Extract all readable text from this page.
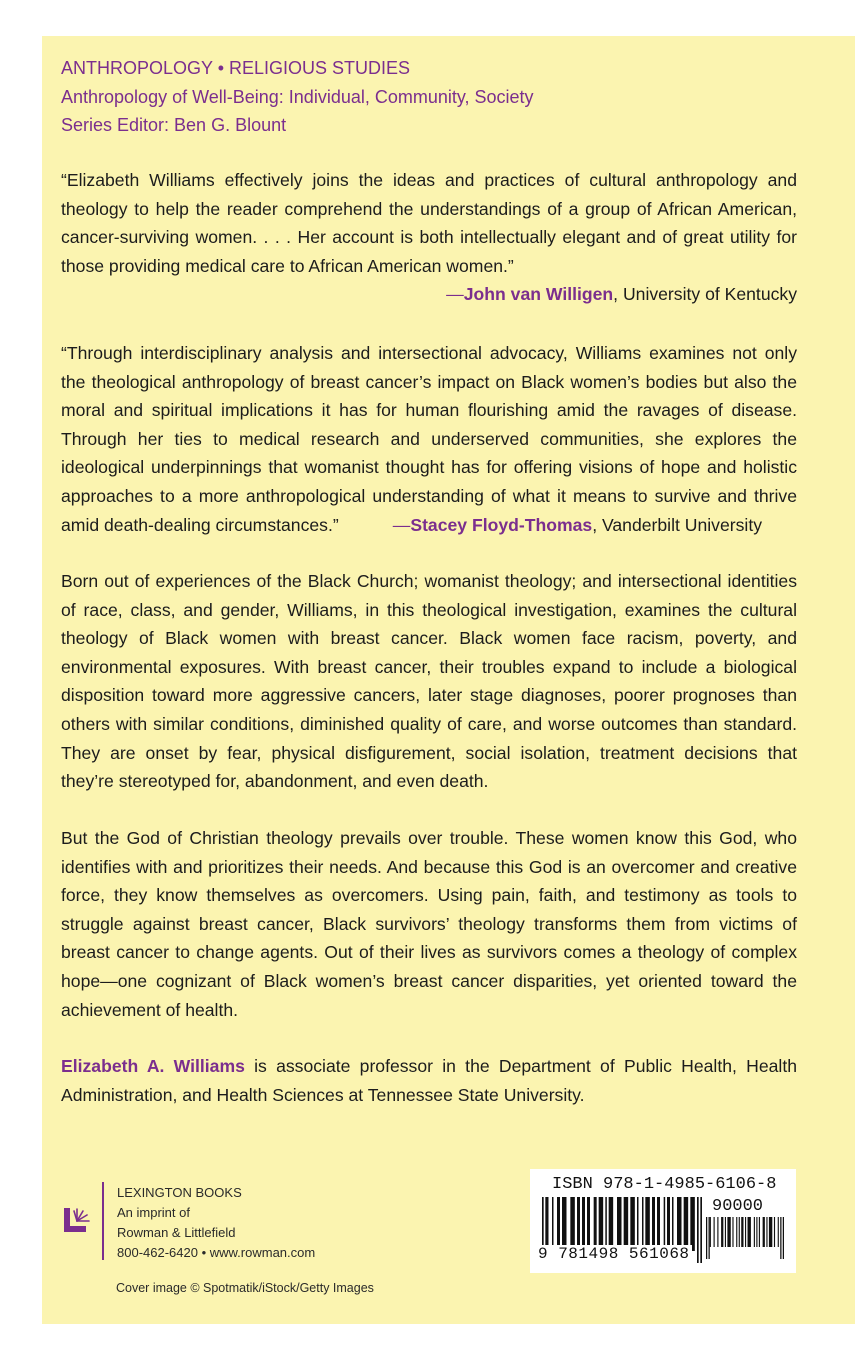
ANTHROPOLOGY • RELIGIOUS STUDIES
Anthropology of Well-Being: Individual, Community, Society
Series Editor: Ben G. Blount

“Elizabeth Williams effectively joins the ideas and practices of cultural anthropology and theology to help the reader comprehend the understandings of a group of African American, cancer-surviving women. . . . Her account is both intellectually elegant and of great utility for those providing medical care to African American women.”

—John van Willigen, University of Kentucky

“Through interdisciplinary analysis and intersectional advocacy, Williams examines not only the theological anthropology of breast cancer’s impact on Black women’s bodies but also the moral and spiritual implications it has for human flourishing amid the ravages of disease. Through her ties to medical research and underserved communities, she explores the ideological underpinnings that womanist thought has for offering visions of hope and holistic approaches to a more anthropological understanding of what it means to survive and thrive amid death-dealing circumstances.”	—Stacey Floyd-Thomas, Vanderbilt University

Born out of experiences of the Black Church; womanist theology; and intersectional identities of race, class, and gender, Williams, in this theological investigation, examines the cultural theology of Black women with breast cancer. Black women face racism, poverty, and environmental exposures. With breast cancer, their troubles expand to include a biological disposition toward more aggressive cancers, later stage diagnoses, poorer prognoses than others with similar conditions, diminished quality of care, and worse outcomes than standard. They are onset by fear, physical disfigurement, social isolation, treatment decisions that they’re stereotyped for, abandonment, and even death.

But the God of Christian theology prevails over trouble. These women know this God, who identifies with and prioritizes their needs. And because this God is an overcomer and creative force, they know themselves as overcomers. Using pain, faith, and testimony as tools to struggle against breast cancer, Black survivors’ theology transforms them from victims of breast cancer to change agents. Out of their lives as survivors comes a theology of complex hope—one cognizant of Black women’s breast cancer disparities, yet oriented toward the achievement of health.

Elizabeth A. Williams is associate professor in the Department of Public Health, Health Administration, and Health Sciences at Tennessee State University.

LEXINGTON BOOKS
An imprint of
Rowman & Littlefield
800-462-6420 • www.rowman.com
Cover image © Spotmatik/iStock/Getty Images
ISBN 978-1-4985-6106-8
90000
9 781498 561068
